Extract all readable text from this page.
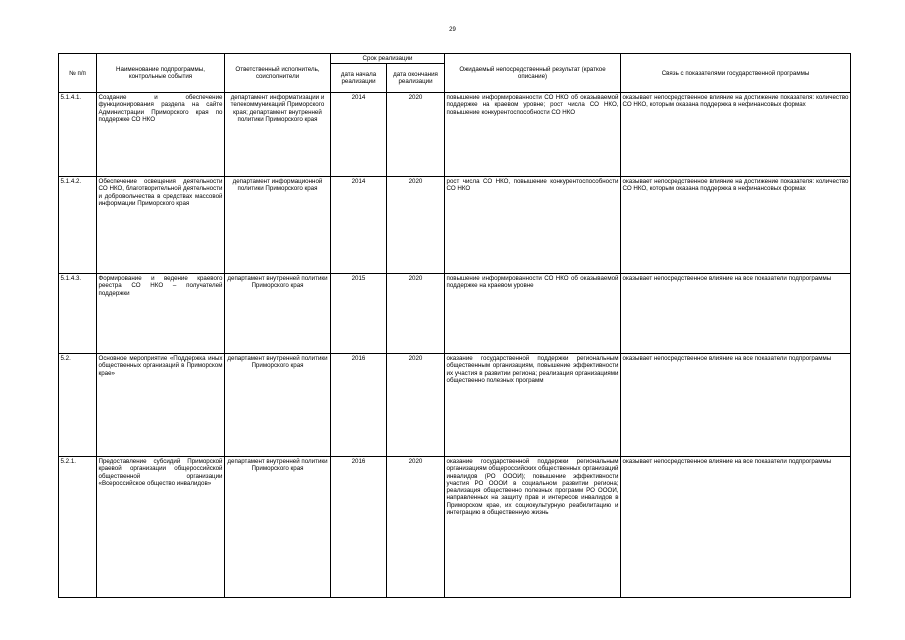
29
№ п/п	Наименование подпрограммы, контрольные события	Ответственный исполнитель, соисполнители	Срок реализации		Ожидаемый непосредственный результат (краткое описание)	Связь с показателями государственной программы
			дата начала реализации	дата окончания реализации		
5.1.4.1.	Создание и обеспечение функционирования раздела на сайте Администрации Приморского края по поддержке СО НКО	департамент информатизации и телекоммуникаций Приморского края; департамент внутренней политики Приморского края	2014	2020	повышение информированности СО НКО об оказываемой поддержке на краевом уровне; рост числа СО НКО, повышение конкурентоспособности СО НКО	оказывает непосредственное влияние на достижение показателя: количество СО НКО, которым оказана поддержка в нефинансовых формах
5.1.4.2.	Обеспечение освещения деятельности СО НКО, благотворительной деятельности и добровольчества в средствах массовой информации Приморского края	департамент информационной политики Приморского края	2014	2020	рост числа СО НКО, повышение конкурентоспособности СО НКО	оказывает непосредственное влияние на достижение показателя: количество СО НКО, которым оказана поддержка в нефинансовых формах
5.1.4.3.	Формирование и ведение краевого реестра СО НКО – получателей поддержки	департамент внутренней политики Приморского края	2015	2020	повышение информированности СО НКО об оказываемой поддержке на краевом уровне	оказывает непосредственное влияние на все показатели подпрограммы
5.2.	Основное мероприятие «Поддержка иных общественных организаций в Приморском крае»	департамент внутренней политики Приморского края	2016	2020	оказание государственной поддержки региональным общественным организациям, повышение эффективности их участия в развитии региона; реализация организациями общественно полезных программ	оказывает непосредственное влияние на все показатели подпрограммы
5.2.1.	Предоставление субсидий Приморской краевой организации общероссийской общественной организации «Всероссийское общество инвалидов»	департамент внутренней политики Приморского края	2016	2020	оказание государственной поддержки региональным организациям общероссийских общественных организаций инвалидов (РО ОООИ); повышение эффективности участия РО ОООИ в социальном развитии региона; реализация общественно полезных программ РО ОООИ, направленных на защиту прав и интересов инвалидов в Приморском крае, их социокультурную реабилитацию и интеграцию в общественную жизнь	оказывает непосредственное влияние на все показатели подпрограммы
